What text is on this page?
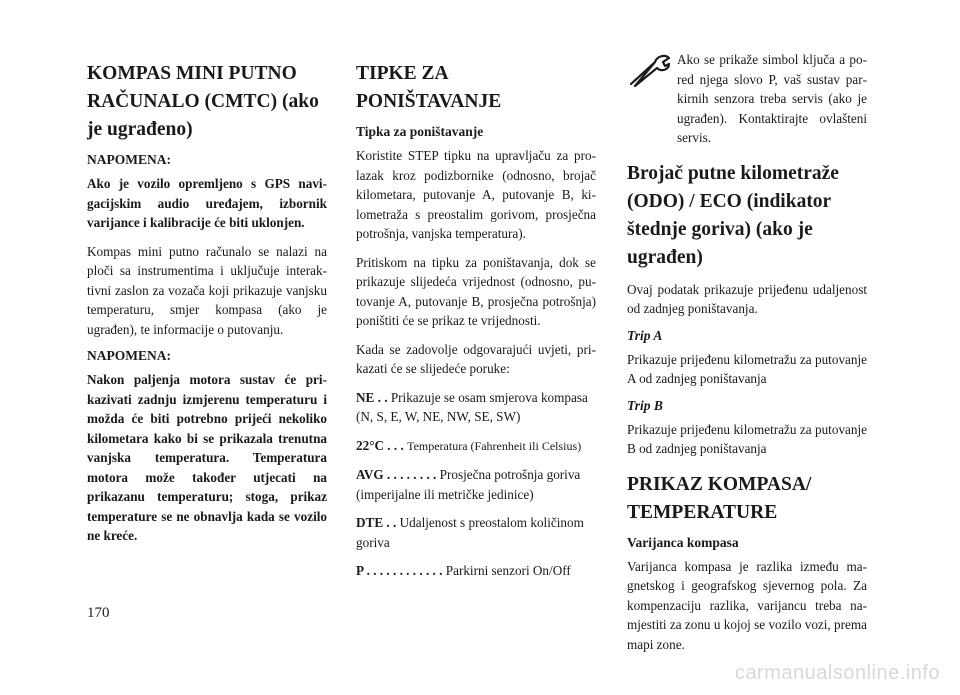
KOMPAS MINI PUTNO RAČUNALO (CMTC) (ako je ugrađeno)
NAPOMENA:
Ako je vozilo opremljeno s GPS navigacijskim audio uređajem, izbornik varijance i kalibracije će biti uklonjen.
Kompas mini putno računalo se nalazi na ploči sa instrumentima i uključuje interaktivni zaslon za vozača koji prikazuje vanjsku temperaturu, smjer kompasa (ako je ugrađen), te informacije o putovanju.
NAPOMENA:
Nakon paljenja motora sustav će prikazivati zadnju izmjerenu temperaturu i možda će biti potrebno prijeći nekoliko kilometara kako bi se prikazala trenutna vanjska temperatura. Temperatura motora može također utjecati na prikazanu temperaturu; stoga, prikaz temperature se ne obnavlja kada se vozilo ne kreće.
TIPKE ZA PONIŠTAVANJE
Tipka za poništavanje
Koristite STEP tipku na upravljaču za prolazak kroz podizbornike (odnosno, brojač kilometara, putovanje A, putovanje B, kilometraža s preostalim gorivom, prosječna potrošnja, vanjska temperatura).
Pritiskom na tipku za poništavanja, dok se prikazuje slijedeća vrijednost (odnosno, putovanje A, putovanje B, prosječna potrošnja) poništiti će se prikaz te vrijednosti.
Kada se zadovolje odgovarajući uvjeti, prikazati će se slijedeće poruke:
NE . . Prikazuje se osam smjerova kompasa (N, S, E, W, NE, NW, SE, SW)
22°C . . . Temperatura (Fahrenheit ili Celsius)
AVG . . . . . . . . Prosječna potrošnja goriva (imperijalne ili metričke jedinice)
DTE . . Udaljenost s preostalom količinom goriva
P . . . . . . . . . . . . Parkirni senzori On/Off
Ako se prikaže simbol ključa a pored njega slovo P, vaš sustav parkirnih senzora treba servis (ako je ugrađen). Kontaktirajte ovlašteni servis.
Brojač putne kilometraže (ODO) / ECO (indikator štednje goriva) (ako je ugrađen)
Ovaj podatak prikazuje prijeđenu udaljenost od zadnjeg poništavanja.
Trip A
Prikazuje prijeđenu kilometražu za putovanje A od zadnjeg poništavanja
Trip B
Prikazuje prijeđenu kilometražu za putovanje B od zadnjeg poništavanja
PRIKAZ KOMPASA/ TEMPERATURE
Varijanca kompasa
Varijanca kompasa je razlika između magnetskog i geografskog sjevernog pola. Za kompenzaciju razlika, varijancu treba namjestiti za zonu u kojoj se vozilo vozi, prema mapi zone.
170
carmanualsonline.info
